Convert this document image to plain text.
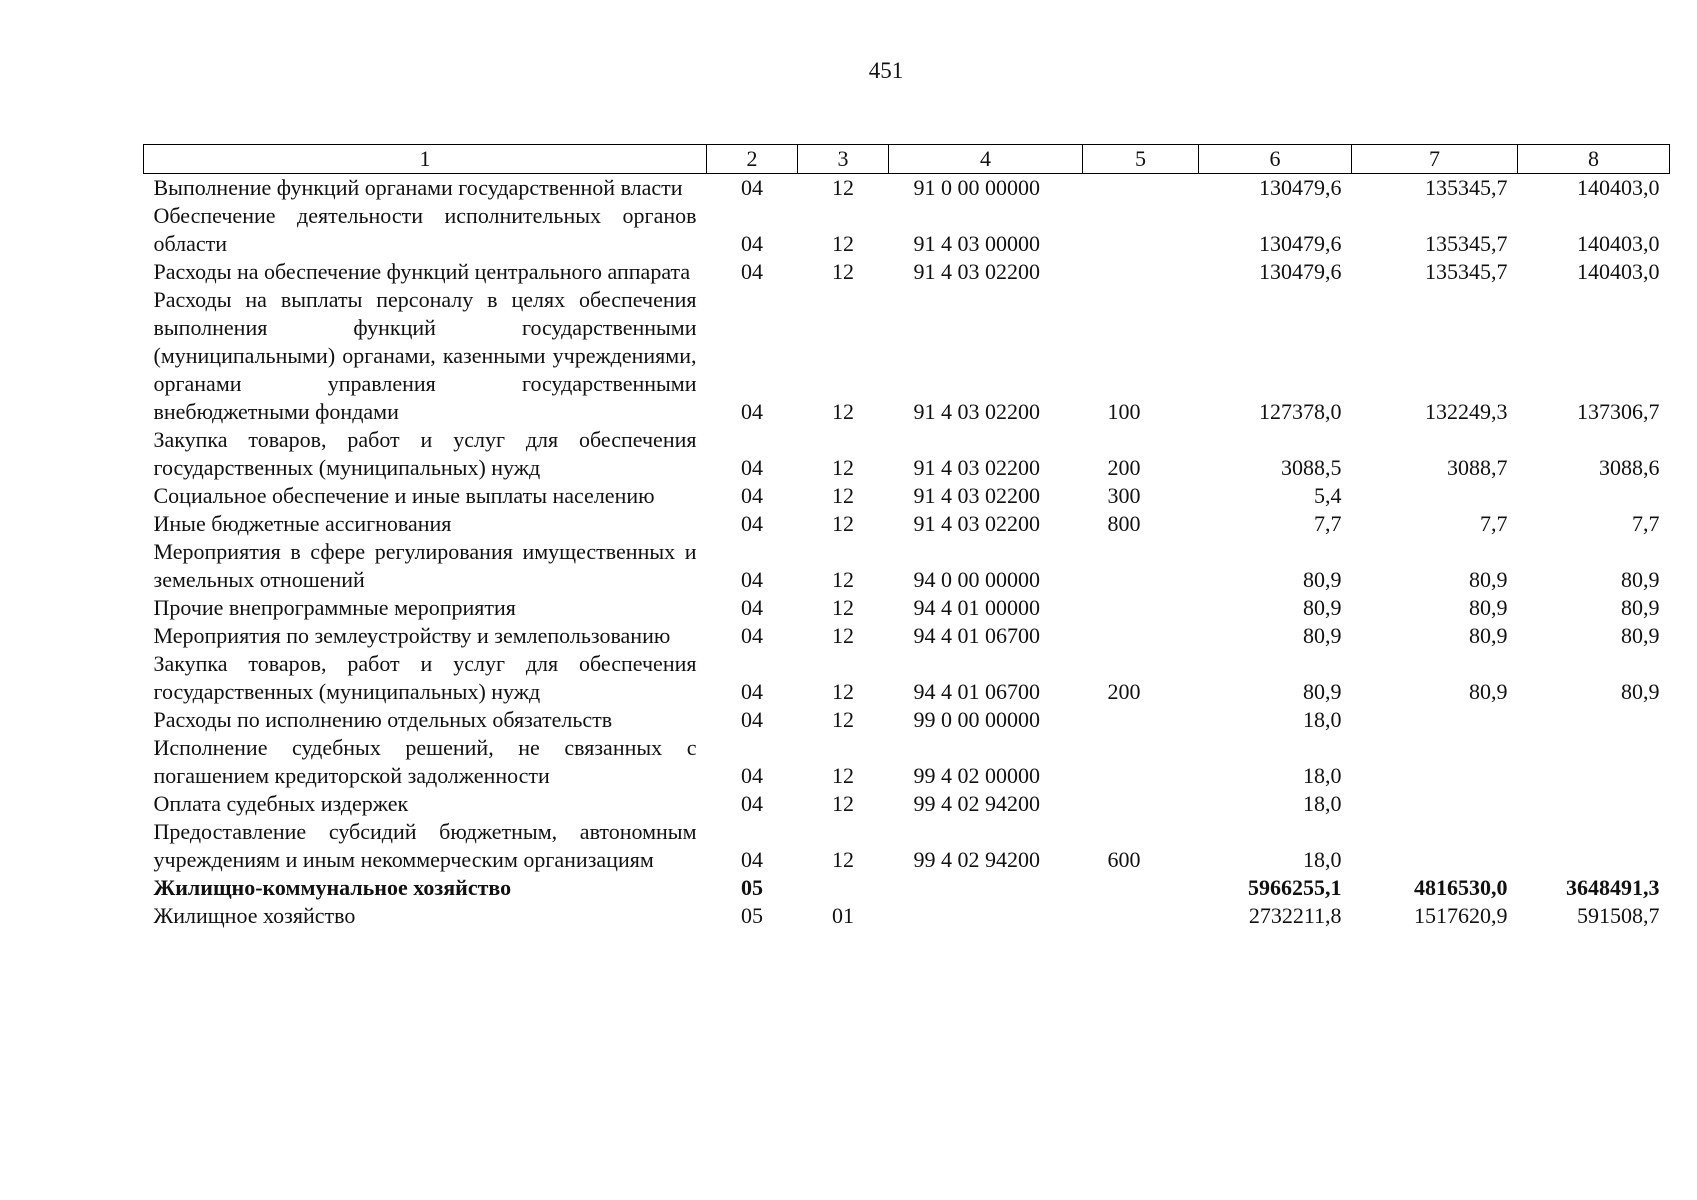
451
1	2	3	4	5	6	7	8
Выполнение функций органами государственной власти	04	12	91 0 00 00000		130479,6	135345,7	140403,0
Обеспечение деятельности исполнительных органов области	04	12	91 4 03 00000		130479,6	135345,7	140403,0
Расходы на обеспечение функций центрального аппарата	04	12	91 4 03 02200		130479,6	135345,7	140403,0
Расходы на выплаты персоналу в целях обеспечения выполнения функций государственными (муниципальными) органами, казенными учреждениями, органами управления государственными внебюджетными фондами	04	12	91 4 03 02200	100	127378,0	132249,3	137306,7
Закупка товаров, работ и услуг для обеспечения государственных (муниципальных) нужд	04	12	91 4 03 02200	200	3088,5	3088,7	3088,6
Социальное обеспечение и иные выплаты населению	04	12	91 4 03 02200	300	5,4		
Иные бюджетные ассигнования	04	12	91 4 03 02200	800	7,7	7,7	7,7
Мероприятия в сфере регулирования имущественных и земельных отношений	04	12	94 0 00 00000		80,9	80,9	80,9
Прочие внепрограммные мероприятия	04	12	94 4 01 00000		80,9	80,9	80,9
Мероприятия по землеустройству и землепользованию	04	12	94 4 01 06700		80,9	80,9	80,9
Закупка товаров, работ и услуг для обеспечения государственных (муниципальных) нужд	04	12	94 4 01 06700	200	80,9	80,9	80,9
Расходы по исполнению отдельных обязательств	04	12	99 0 00 00000		18,0		
Исполнение судебных решений, не связанных с погашением кредиторской задолженности	04	12	99 4 02 00000		18,0		
Оплата судебных издержек	04	12	99 4 02 94200		18,0		
Предоставление субсидий бюджетным, автономным учреждениям и иным некоммерческим организациям	04	12	99 4 02 94200	600	18,0		
Жилищно-коммунальное хозяйство	05				5966255,1	4816530,0	3648491,3
Жилищное хозяйство	05	01			2732211,8	1517620,9	591508,7
